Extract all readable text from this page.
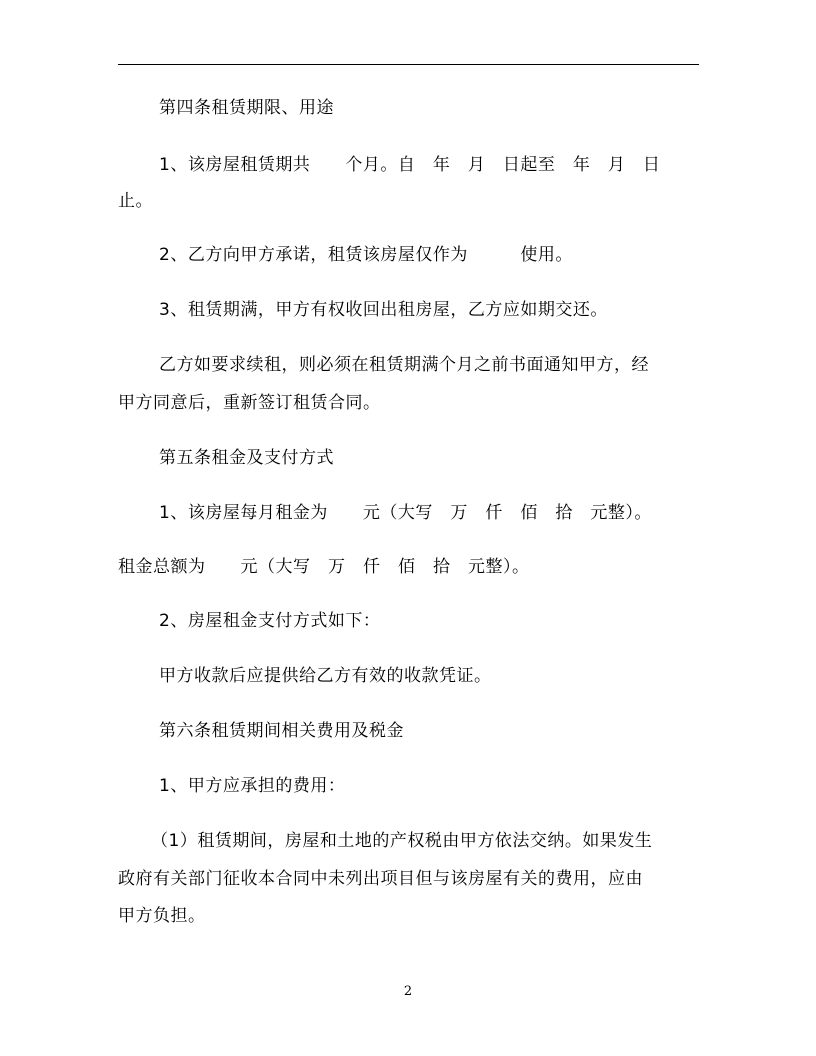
第四条租赁期限、用途
1、该房屋租赁期共　　个月。自　年　月　日起至　年　月　日
止。
2、乙方向甲方承诺，租赁该房屋仅作为　　　使用。
3、租赁期满，甲方有权收回出租房屋，乙方应如期交还。
乙方如要求续租，则必须在租赁期满个月之前书面通知甲方，经
甲方同意后，重新签订租赁合同。
第五条租金及支付方式
1、该房屋每月租金为　　元（大写　万　仟　佰　拾　元整）。
租金总额为　　元（大写　万　仟　佰　拾　元整）。
2、房屋租金支付方式如下：
甲方收款后应提供给乙方有效的收款凭证。
第六条租赁期间相关费用及税金
1、甲方应承担的费用：
（1）租赁期间，房屋和土地的产权税由甲方依法交纳。如果发生
政府有关部门征收本合同中未列出项目但与该房屋有关的费用，应由
甲方负担。
2
